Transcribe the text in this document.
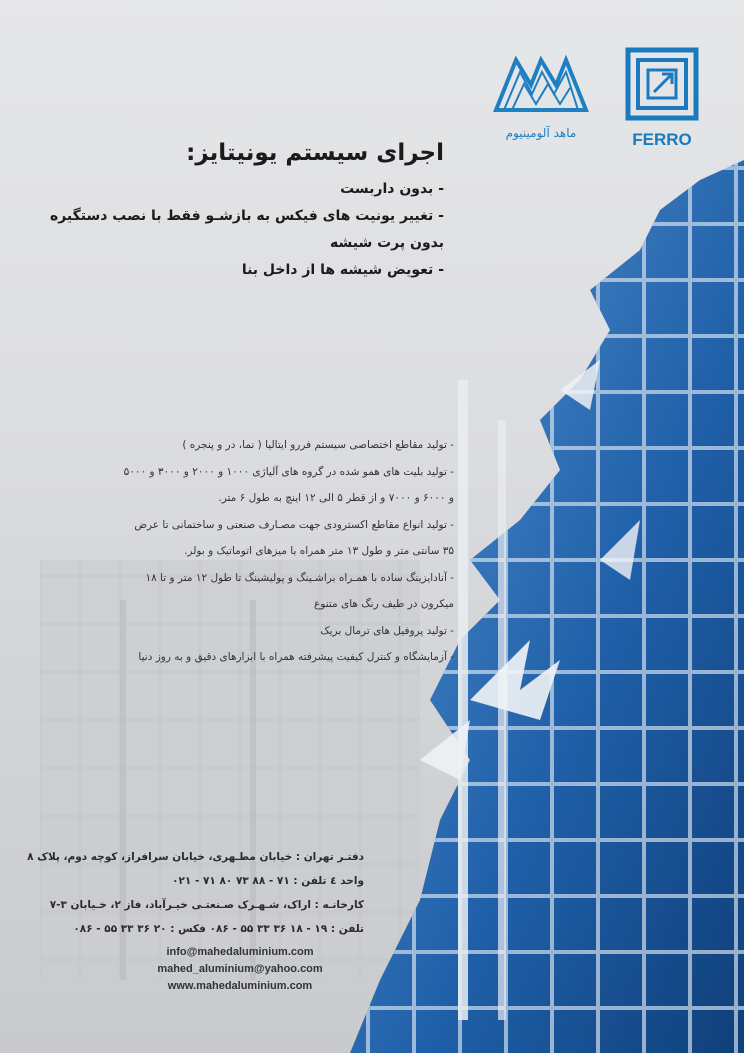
ماهد آلومینیوم	FERRO
اجرای سیستم یونیتایز:
- بدون داربست
- تغییر یونیت های فیکس به بازشـو فقط با نصب دستگیره
بدون پرت شیشه
- تعویض شیشه ها از داخل بنا
- تولید مقاطع اختصاصی سیستم فررو ایتالیا ( نما، در و پنجره )
- تولید بلیت های همو شده در گروه های آلیاژی ۱۰۰۰ و ۲۰۰۰ و ۳۰۰۰ و ۵۰۰۰
و ۶۰۰۰ و ۷۰۰۰ و از قطر ۵ الی ۱۲ اینچ به طول ۶ متر.
- تولید انواع مقاطع اکسترودی جهت مصـارف صنعتی و ساختمانی تا عرض
۳۵ سانتی متر و طول ۱۳ متر همراه با میزهای اتوماتیک و بولر.
- آنادایزینگ ساده با همـراه براشـینگ و پولیشینگ تا طول ۱۲ متر و تا ۱۸
میکرون در طیف رنگ های متنوع
- تولید پروفیل های ترمال بریک
- آزمایشگاه و کنترل کیفیت پیشرفته همراه با ابزارهای دقیق و به روز دنیا
دفتـر تهران : خیابان مطـهری، خیابان سرافراز، کوچه دوم، پلاک ۸
واحد ٤ تلفن : ۷۱ - ۸۸ ۷۳ ۸۰ ۷۱ - ۰۲۱
کارخانـه : اراک، شـهـرک صـنعتـی خیـرآباد، فاز ۲، خـیابان ۳-۷
تلفن : ۱۹ - ۱۸ ۳۶ ۳۳ ۵۵ - ۰۸۶ فکس : ۲۰ ۳۶ ۳۳ ۵۵ - ۰۸۶
info@mahedaluminium.com
mahed_aluminium@yahoo.com
www.mahedaluminium.com
